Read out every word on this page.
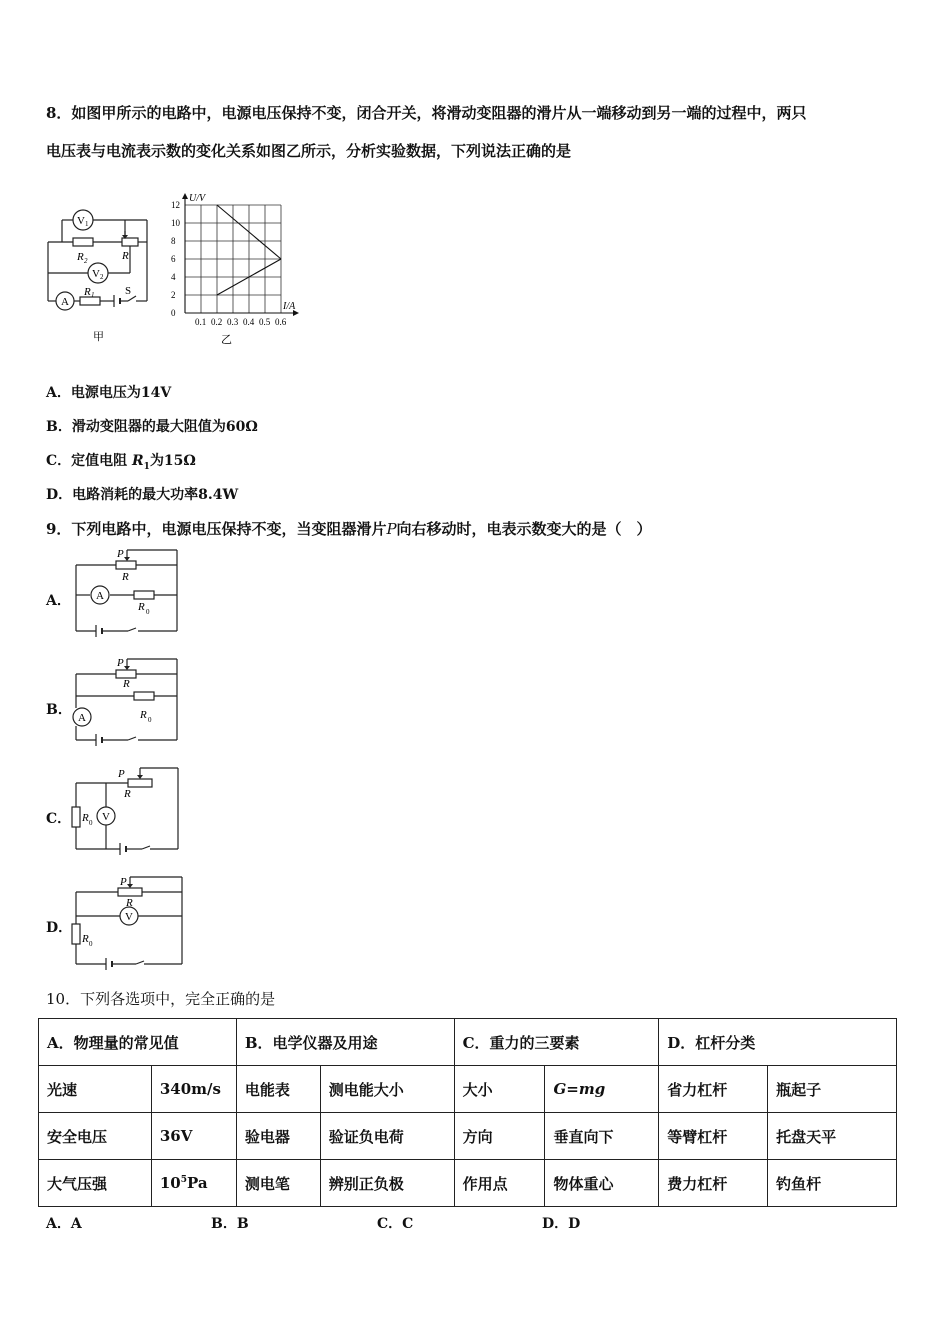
8．如图甲所示的电路中，电源电压保持不变，闭合开关，将滑动变阻器的滑片从一端移动到另一端的过程中，两只
电压表与电流表示数的变化关系如图乙所示，分析实验数据，下列说法正确的是
V 1
V 2
A
R 2	R
R 1	S
甲
0.1 0.2 0.3 0.4 0.5 0.6
0
2
4
6
8
10
12
I/A
U/V
乙
A．电源电压为14V
B．滑动变阻器的最大阻值为60Ω
C．定值电阻 $R_1$为15Ω
D．电路消耗的最大功率8.4W
9．下列电路中，电源电压保持不变，当变阻器滑片P向右移动时，电表示数变大的是（　）
A． A
P
R
R 0
B． A
P
R
R 0
C．	V
P
R
R 0
D．
V
P
R
R 0
10．下列各选项中，完全正确的是
A．物理量的常见值		B．电学仪器及用途		C．重力的三要素		D．杠杆分类	
光速	340m/s	电能表	测电能大小	大小	G=mg	省力杠杆	瓶起子
安全电压	36V	验电器	验证负电荷	方向	垂直向下	等臂杠杆	托盘天平
大气压强	$10^5Pa$	测电笔	辨别正负极	作用点	物体重心	费力杠杆	钓鱼杆
A．A	B．B	C．C	D．D
